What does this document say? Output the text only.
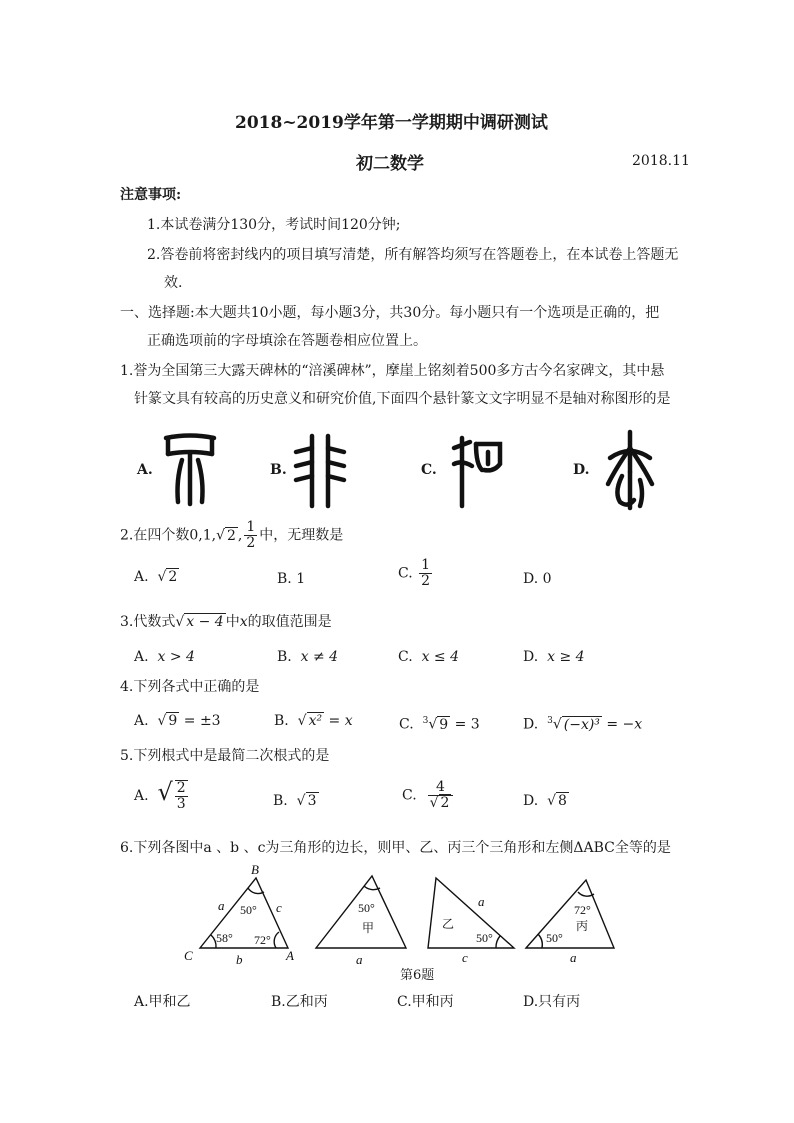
2018~2019学年第一学期期中调研测试
初二数学	2018.11
注意事项:
1.本试卷满分130分，考试时间120分钟;
2.答卷前将密封线内的项目填写清楚，所有解答均须写在答题卷上，在本试卷上答题无
效.
一、选择题:本大题共10小题，每小题3分，共30分。每小题只有一个选项是正确的，把
正确选项前的字母填涂在答题卷相应位置上。
1.誉为全国第三大露天碑林的“涪溪碑林”，摩崖上铭刻着500多方古今名家碑文，其中悬
针篆文具有较高的历史意义和研究价值,下面四个悬针篆文文字明显不是轴对称图形的是
A.	B.	C.	D.
2.在四个数0,1,√ 2 , $\frac{1}{2}$ 中，无理数是
A. √ 2	B. 1	C. $\frac{1}{2}$	D. 0
3.代数式√ x − 4 中x的取值范围是
A. x > 4	B. x ≠ 4	C. x ≤ 4	D. x ≥ 4
4.下列各式中正确的是
A. √ 9 = ±3	B. √ x² = x	C. $^3$√ 9 = 3	D. $^3$√ (−x)³ = −x
5.下列根式中是最简二次根式的是
A. √ $\frac{2}{3}$	B. √ 3	C. $\frac{4}{√ 2}$	D. √ 8
6.下列各图中a 、b 、c为三角形的边长，则甲、乙、丙三个三角形和左侧ΔABC全等的是
B
C	A
a	c
b	a
a
c	a
50°
58° 72°
50°
甲	乙
50°
72°
丙
50°
第6题
A.甲和乙	B.乙和丙	C.甲和丙	D.只有丙
